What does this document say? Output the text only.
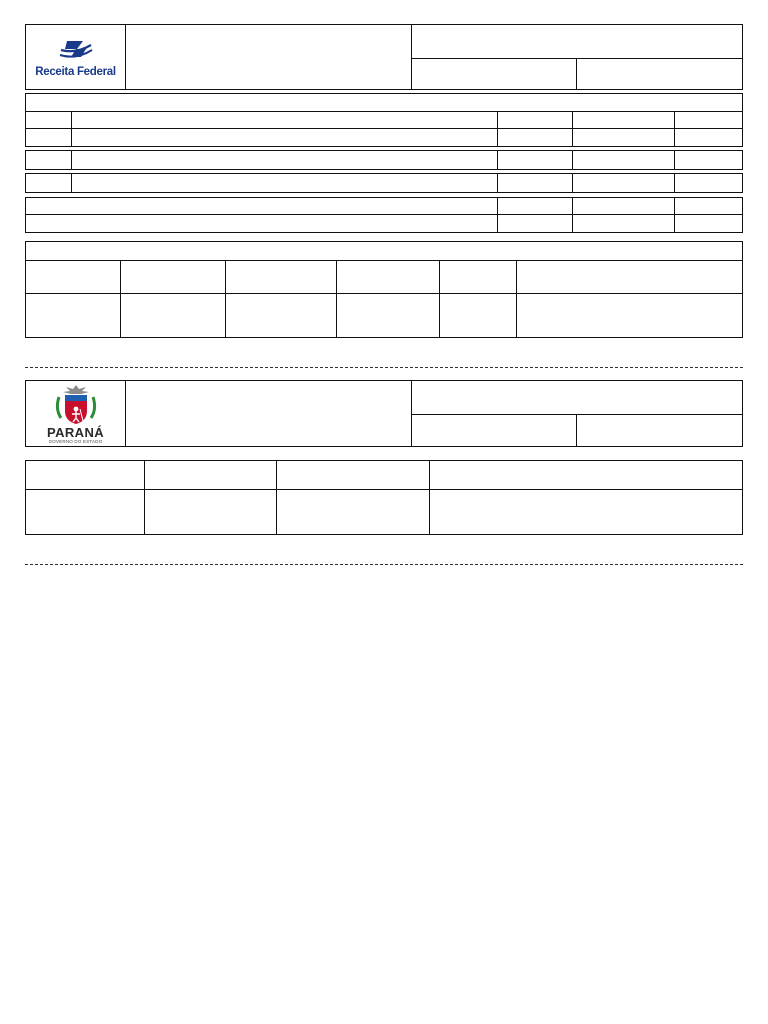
Receita Federal
PARANÁ
GOVERNO DO ESTADO
